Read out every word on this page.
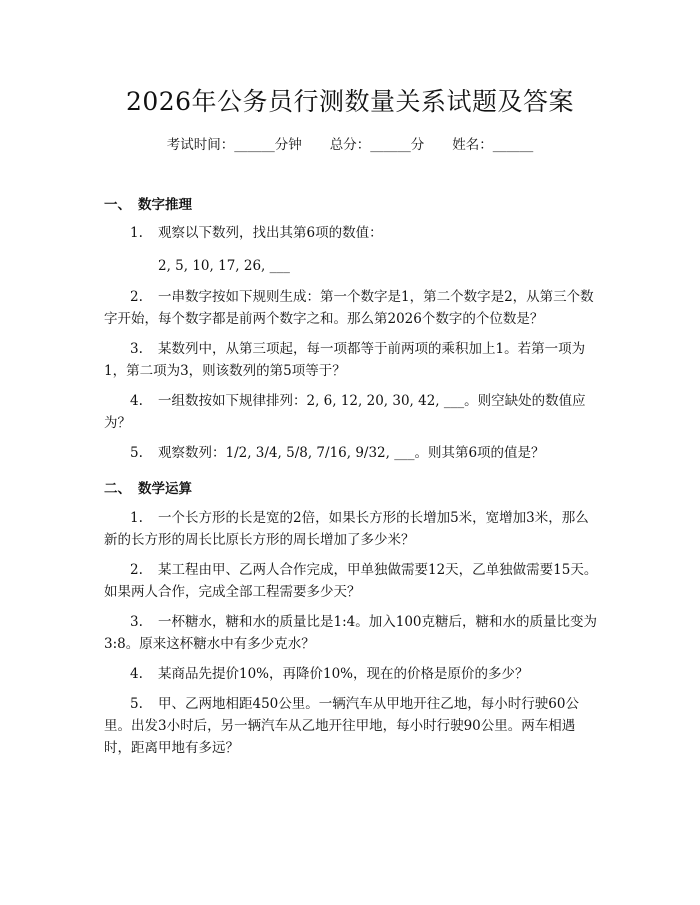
2026年公务员行测数量关系试题及答案
考试时间：______分钟 总分：______分 姓名：______
一、 数字推理
1. 观察以下数列，找出其第6项的数值：
2, 5, 10, 17, 26, ___
2. 一串数字按如下规则生成：第一个数字是1，第二个数字是2，从第三个数字开始，每个数字都是前两个数字之和。那么第2026个数字的个位数是？
3. 某数列中，从第三项起，每一项都等于前两项的乘积加上1。若第一项为1，第二项为3，则该数列的第5项等于？
4. 一组数按如下规律排列：2, 6, 12, 20, 30, 42, ___。则空缺处的数值应为？
5. 观察数列：1/2, 3/4, 5/8, 7/16, 9/32, ___。则其第6项的值是？
二、 数学运算
1. 一个长方形的长是宽的2倍，如果长方形的长增加5米，宽增加3米，那么新的长方形的周长比原长方形的周长增加了多少米？
2. 某工程由甲、乙两人合作完成，甲单独做需要12天，乙单独做需要15天。如果两人合作，完成全部工程需要多少天？
3. 一杯糖水，糖和水的质量比是1:4。加入100克糖后，糖和水的质量比变为3:8。原来这杯糖水中有多少克水？
4. 某商品先提价10%，再降价10%，现在的价格是原价的多少？
5. 甲、乙两地相距450公里。一辆汽车从甲地开往乙地，每小时行驶60公里。出发3小时后，另一辆汽车从乙地开往甲地，每小时行驶90公里。两车相遇时，距离甲地有多远？
